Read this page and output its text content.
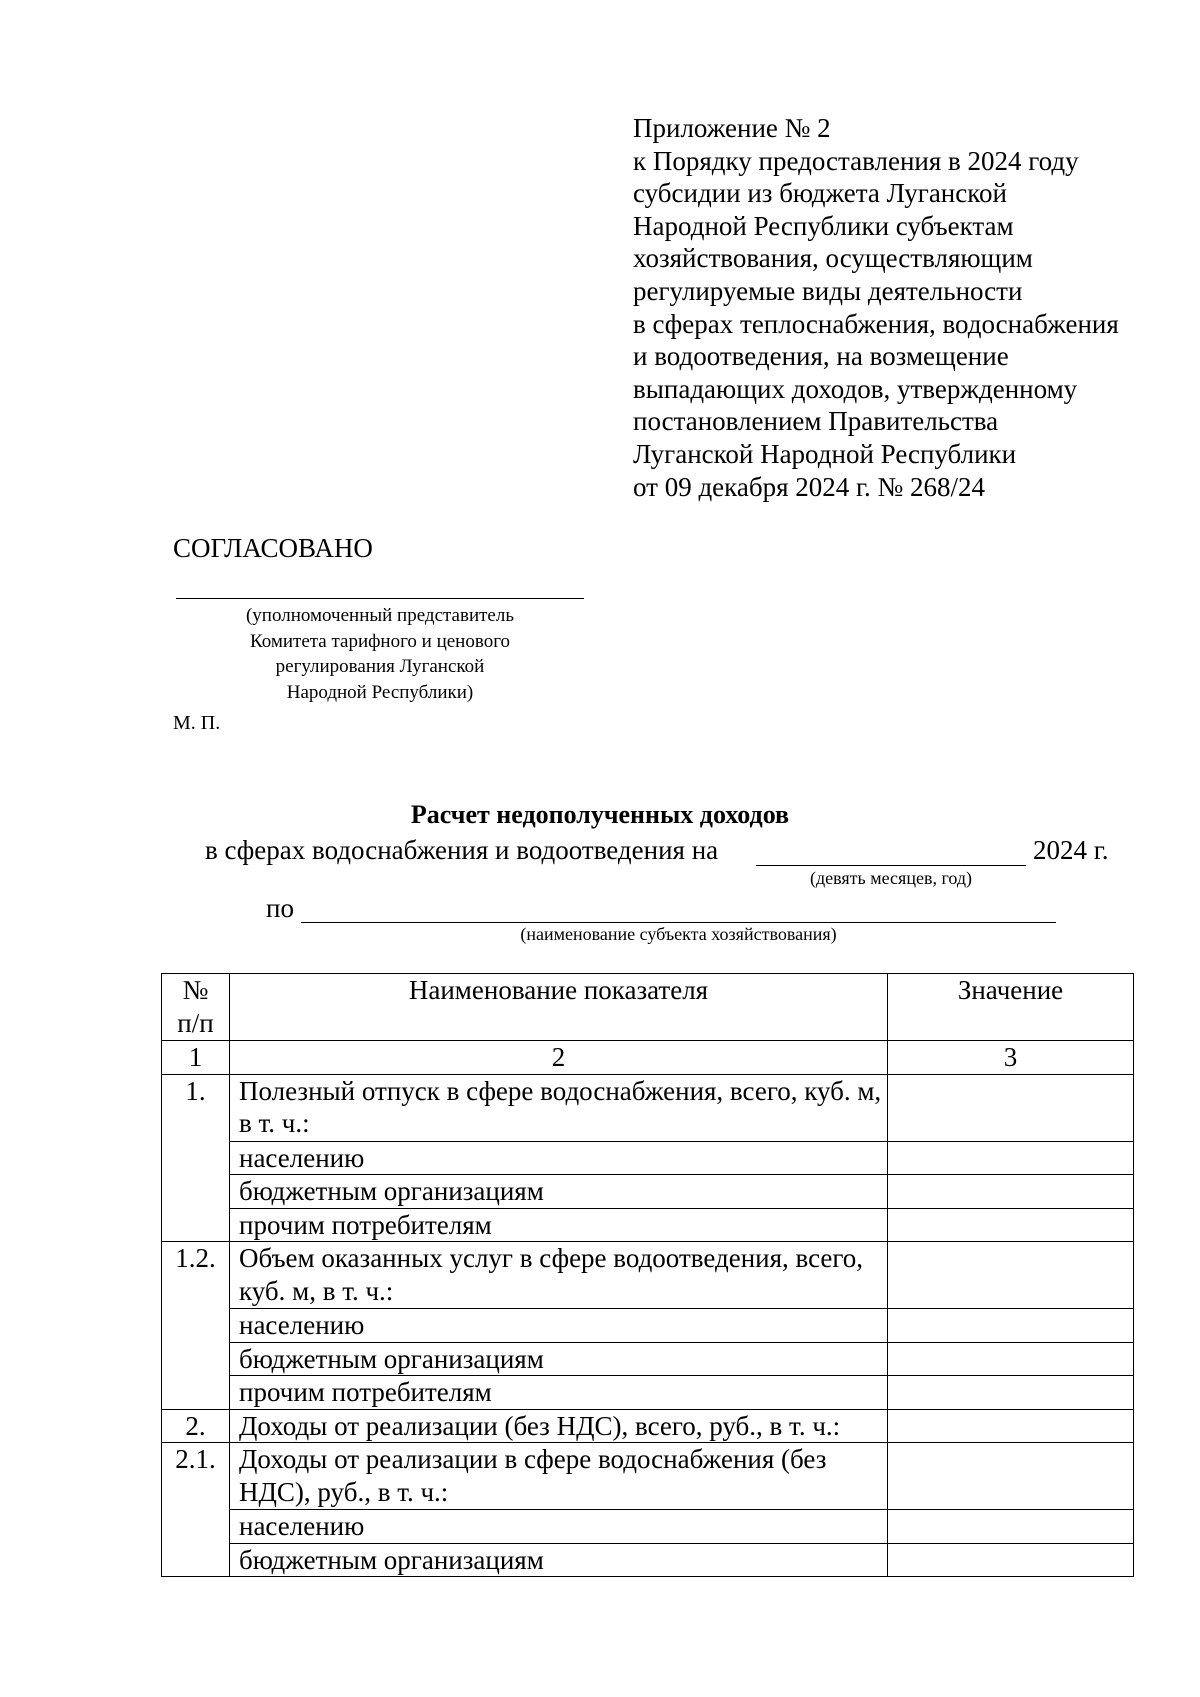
Приложение № 2
к Порядку предоставления в 2024 году
субсидии из бюджета Луганской
Народной Республики субъектам
хозяйствования, осуществляющим
регулируемые виды деятельности
в сферах теплоснабжения, водоснабжения
и водоотведения, на возмещение
выпадающих доходов, утвержденному
постановлением Правительства
Луганской Народной Республики
от 09 декабря 2024 г. № 268/24
СОГЛАСОВАНО
(уполномоченный представитель
Комитета тарифного и ценового
регулирования Луганской
Народной Республики)
М. П.
Расчет недополученных доходов
в сферах водоснабжения и водоотведения на	2024 г.
(девять месяцев, год)
по
(наименование субъекта хозяйствования)
№
п/п	Наименование показателя	Значение
1	2	3
1.	Полезный отпуск в сфере водоснабжения, всего, куб. м, в т. ч.:	
	населению	
	бюджетным организациям	
	прочим потребителям	
1.2.	Объем оказанных услуг в сфере водоотведения, всего, куб. м, в т. ч.:	
	населению	
	бюджетным организациям	
	прочим потребителям	
2.	Доходы от реализации (без НДС), всего, руб., в т. ч.:	
2.1.	Доходы от реализации в сфере водоснабжения (без НДС), руб., в т. ч.:	
	населению	
	бюджетным организациям	
